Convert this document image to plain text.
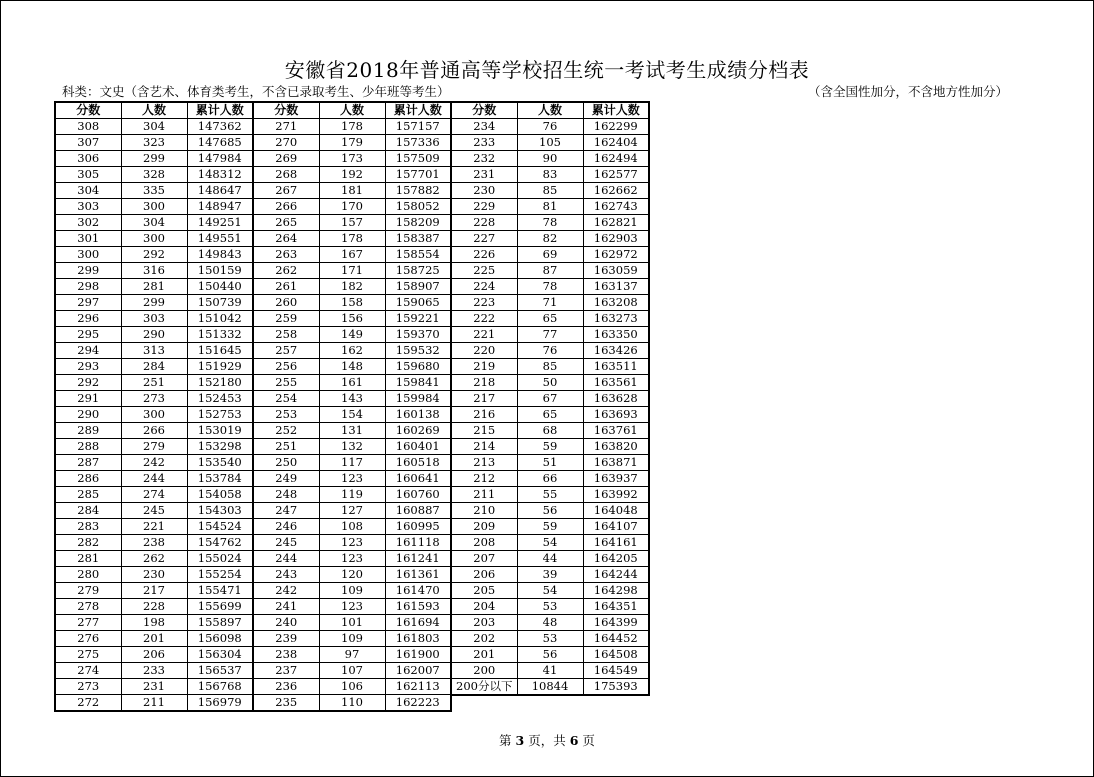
安徽省2018年普通高等学校招生统一考试考生成绩分档表
科类：文史（含艺术、体育类考生，不含已录取考生、少年班等考生）	（含全国性加分，不含地方性加分）
分数	人数	累计人数
308	304	147362
307	323	147685
306	299	147984
305	328	148312
304	335	148647
303	300	148947
302	304	149251
301	300	149551
300	292	149843
299	316	150159
298	281	150440
297	299	150739
296	303	151042
295	290	151332
294	313	151645
293	284	151929
292	251	152180
291	273	152453
290	300	152753
289	266	153019
288	279	153298
287	242	153540
286	244	153784
285	274	154058
284	245	154303
283	221	154524
282	238	154762
281	262	155024
280	230	155254
279	217	155471
278	228	155699
277	198	155897
276	201	156098
275	206	156304
274	233	156537
273	231	156768
272	211	156979
分数	人数	累计人数
271	178	157157
270	179	157336
269	173	157509
268	192	157701
267	181	157882
266	170	158052
265	157	158209
264	178	158387
263	167	158554
262	171	158725
261	182	158907
260	158	159065
259	156	159221
258	149	159370
257	162	159532
256	148	159680
255	161	159841
254	143	159984
253	154	160138
252	131	160269
251	132	160401
250	117	160518
249	123	160641
248	119	160760
247	127	160887
246	108	160995
245	123	161118
244	123	161241
243	120	161361
242	109	161470
241	123	161593
240	101	161694
239	109	161803
238	97	161900
237	107	162007
236	106	162113
235	110	162223
分数	人数	累计人数
234	76	162299
233	105	162404
232	90	162494
231	83	162577
230	85	162662
229	81	162743
228	78	162821
227	82	162903
226	69	162972
225	87	163059
224	78	163137
223	71	163208
222	65	163273
221	77	163350
220	76	163426
219	85	163511
218	50	163561
217	67	163628
216	65	163693
215	68	163761
214	59	163820
213	51	163871
212	66	163937
211	55	163992
210	56	164048
209	59	164107
208	54	164161
207	44	164205
206	39	164244
205	54	164298
204	53	164351
203	48	164399
202	53	164452
201	56	164508
200	41	164549
200分以下	10844	175393
第 3 页，共 6 页
